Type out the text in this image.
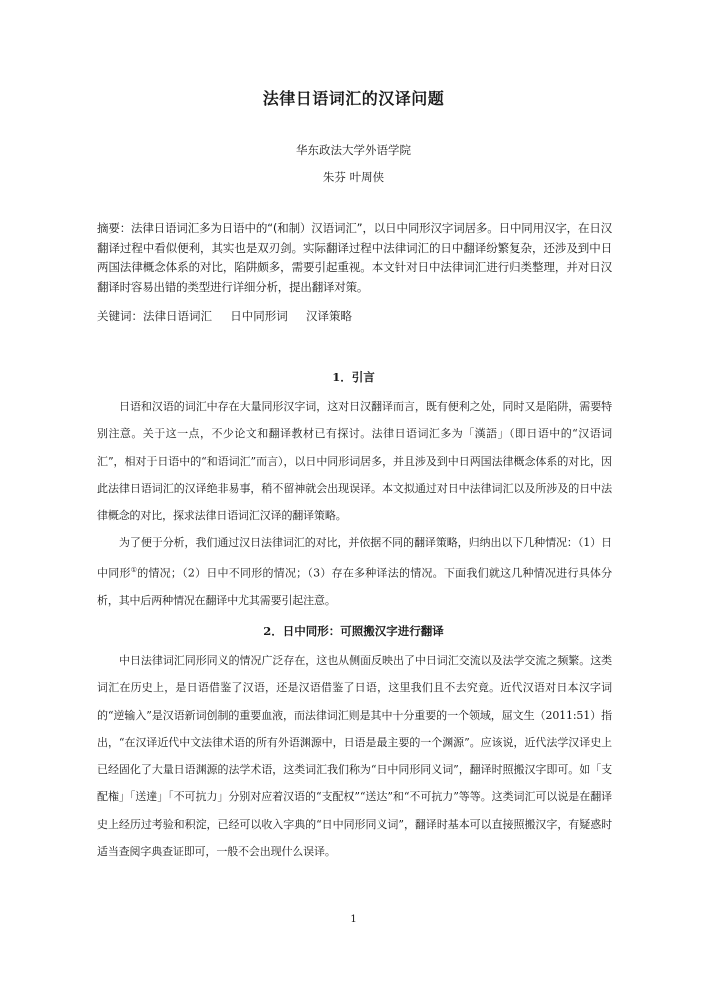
法律日语词汇的汉译问题
华东政法大学外语学院
朱芬 叶周侠

摘要：法律日语词汇多为日语中的“(和制）汉语词汇”，以日中同形汉字词居多。日中同用汉字，在日汉翻译过程中看似便利，其实也是双刃剑。实际翻译过程中法律词汇的日中翻译纷繁复杂，还涉及到中日两国法律概念体系的对比，陷阱颇多，需要引起重视。本文针对日中法律词汇进行归类整理，并对日汉翻译时容易出错的类型进行详细分析，提出翻译对策。

关键词：法律日语词汇     日中同形词     汉译策略
1．引言

日语和汉语的词汇中存在大量同形汉字词，这对日汉翻译而言，既有便利之处，同时又是陷阱，需要特别注意。关于这一点，不少论文和翻译教材已有探讨。法律日语词汇多为「漢語」（即日语中的“汉语词汇”，相对于日语中的“和语词汇”而言），以日中同形词居多，并且涉及到中日两国法律概念体系的对比，因此法律日语词汇的汉译绝非易事，稍不留神就会出现误译。本文拟通过对日中法律词汇以及所涉及的日中法律概念的对比，探求法律日语词汇汉译的翻译策略。

为了便于分析，我们通过汉日法律词汇的对比，并依据不同的翻译策略，归纳出以下几种情况：（1）日中同形①的情况；（2）日中不同形的情况；（3）存在多种译法的情况。下面我们就这几种情况进行具体分析，其中后两种情况在翻译中尤其需要引起注意。

2．日中同形：可照搬汉字进行翻译

中日法律词汇同形同义的情况广泛存在，这也从侧面反映出了中日词汇交流以及法学交流之频繁。这类词汇在历史上，是日语借鉴了汉语，还是汉语借鉴了日语，这里我们且不去究竟。近代汉语对日本汉字词的“逆输入”是汉语新词创制的重要血液，而法律词汇则是其中十分重要的一个领域，屈文生（2011:51）指出，“在汉译近代中文法律术语的所有外语渊源中，日语是最主要的一个渊源”。应该说，近代法学汉译史上已经固化了大量日语渊源的法学术语，这类词汇我们称为“日中同形同义词”，翻译时照搬汉字即可。如「支配権」「送達」「不可抗力」分别对应着汉语的“支配权”“送达”和“不可抗力”等等。这类词汇可以说是在翻译史上经历过考验和积淀，已经可以收入字典的“日中同形同义词”，翻译时基本可以直接照搬汉字，有疑惑时适当查阅字典查证即可，一般不会出现什么误译。

1
